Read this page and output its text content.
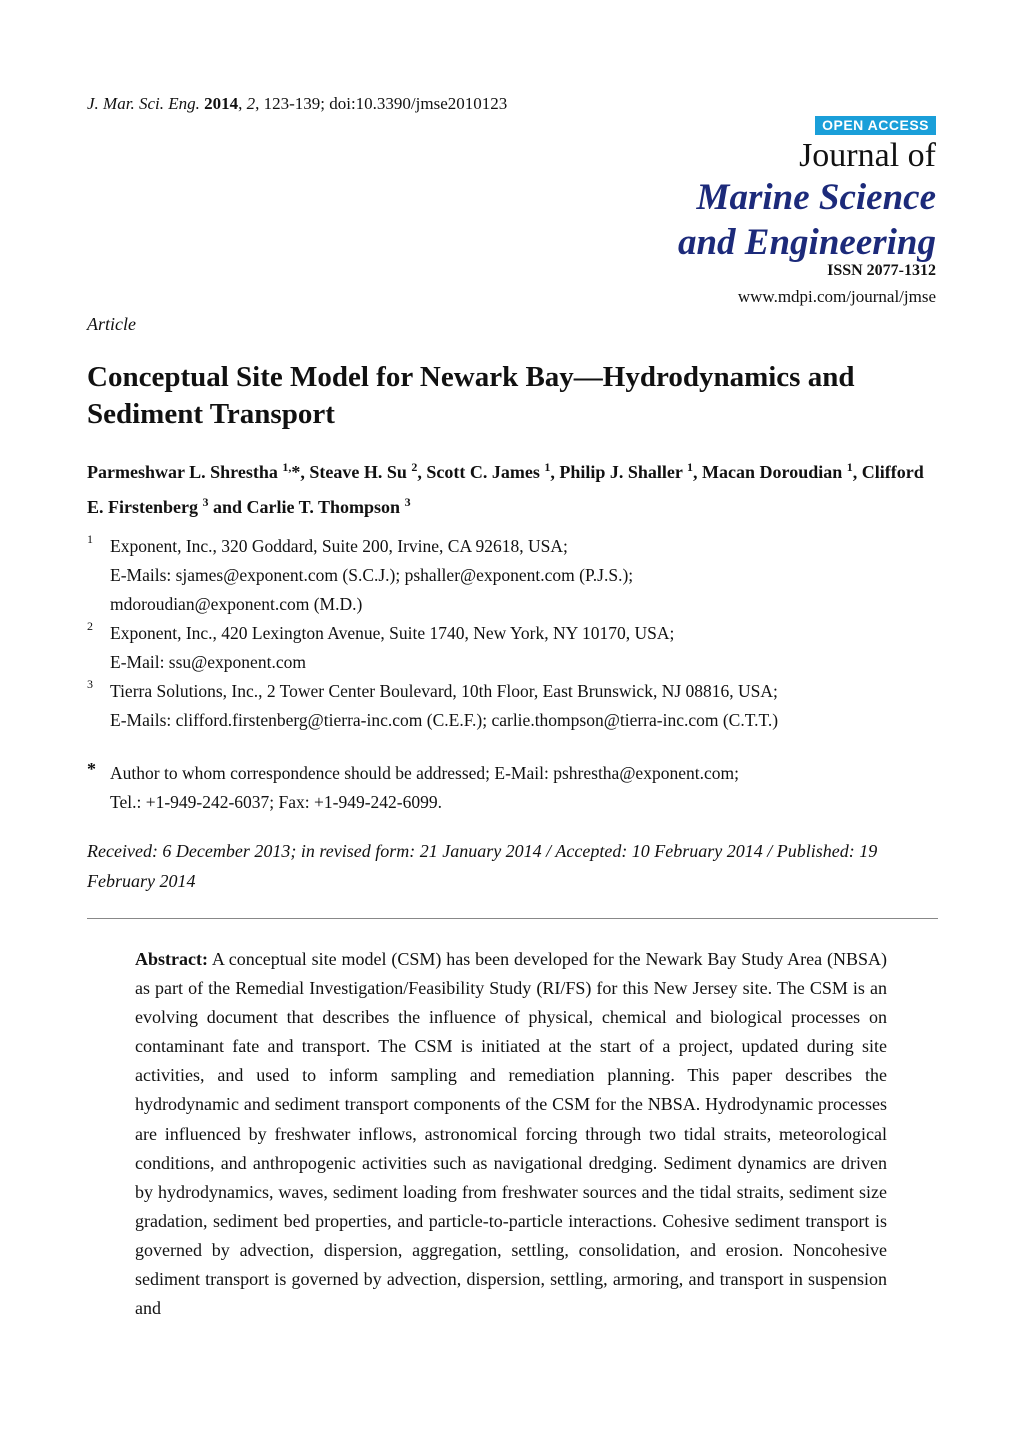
J. Mar. Sci. Eng. 2014, 2, 123-139; doi:10.3390/jmse2010123
OPEN ACCESS
Journal of
Marine Science
and Engineering
ISSN 2077-1312
www.mdpi.com/journal/jmse
Article
Conceptual Site Model for Newark Bay—Hydrodynamics and Sediment Transport
Parmeshwar L. Shrestha $^{1,}$*, Steave H. Su $^2$, Scott C. James $^1$, Philip J. Shaller $^1$, Macan Doroudian $^1$, Clifford E. Firstenberg $^3$ and Carlie T. Thompson $^3$
1 Exponent, Inc., 320 Goddard, Suite 200, Irvine, CA 92618, USA;
E-Mails: sjames@exponent.com (S.C.J.); pshaller@exponent.com (P.J.S.);
mdoroudian@exponent.com (M.D.)
2 Exponent, Inc., 420 Lexington Avenue, Suite 1740, New York, NY 10170, USA;
E-Mail: ssu@exponent.com
3 Tierra Solutions, Inc., 2 Tower Center Boulevard, 10th Floor, East Brunswick, NJ 08816, USA;
E-Mails: clifford.firstenberg@tierra-inc.com (C.E.F.); carlie.thompson@tierra-inc.com (C.T.T.)
* Author to whom correspondence should be addressed; E-Mail: pshrestha@exponent.com;
Tel.: +1-949-242-6037; Fax: +1-949-242-6099.
Received: 6 December 2013; in revised form: 21 January 2014 / Accepted: 10 February 2014 / Published: 19 February 2014

Abstract: A conceptual site model (CSM) has been developed for the Newark Bay Study Area (NBSA) as part of the Remedial Investigation/Feasibility Study (RI/FS) for this New Jersey site. The CSM is an evolving document that describes the influence of physical, chemical and biological processes on contaminant fate and transport. The CSM is initiated at the start of a project, updated during site activities, and used to inform sampling and remediation planning. This paper describes the hydrodynamic and sediment transport components of the CSM for the NBSA. Hydrodynamic processes are influenced by freshwater inflows, astronomical forcing through two tidal straits, meteorological conditions, and anthropogenic activities such as navigational dredging. Sediment dynamics are driven by hydrodynamics, waves, sediment loading from freshwater sources and the tidal straits, sediment size gradation, sediment bed properties, and particle-to-particle interactions. Cohesive sediment transport is governed by advection, dispersion, aggregation, settling, consolidation, and erosion. Noncohesive sediment transport is governed by advection, dispersion, settling, armoring, and transport in suspension and
